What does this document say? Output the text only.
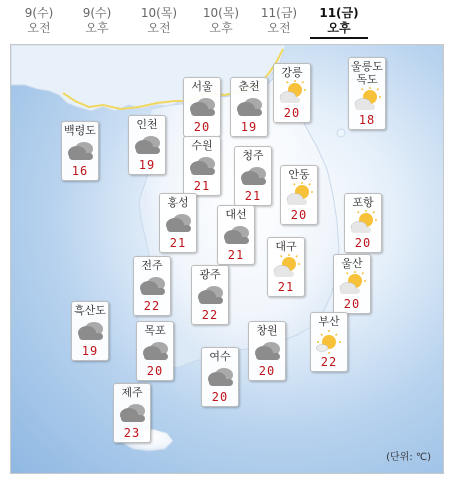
9(수)
오전
9(수)
오후
10(목)
오전
10(목)
오후
11(금)
오전
11(금)
오후
서울
20
춘천
19
강릉
20
울릉도
독도
18
백령도
16
인천
19
수원
21
청주
21
안동
20
홍성
21
대선
21
포항
20
대구
21
전주
22
광주
22
울산
20
흑산도
19
목포
20
창원
20
부산
22
여수
20
제주
23
(단위: ℃)
